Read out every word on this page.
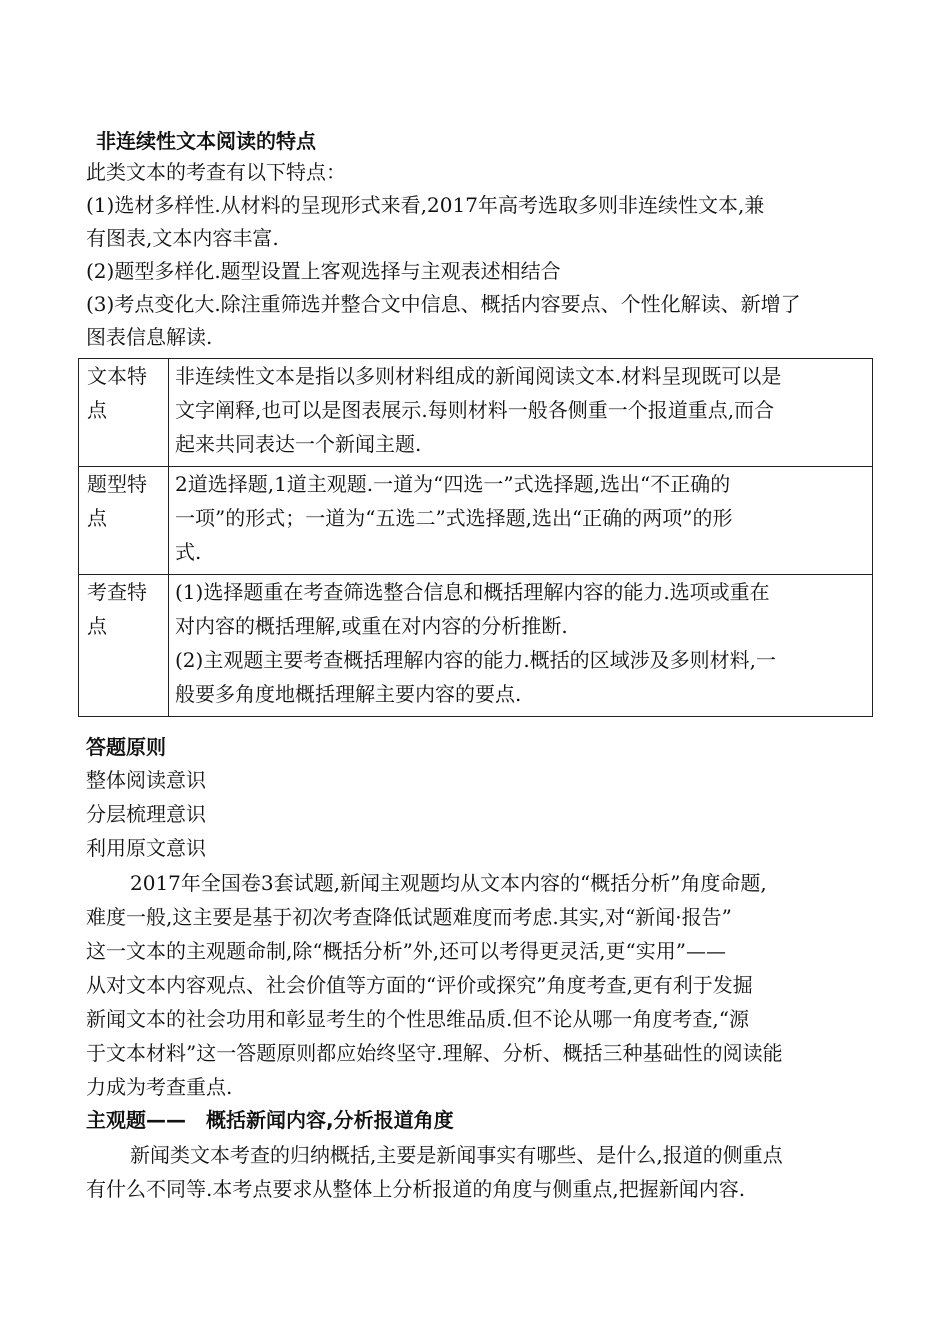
非连续性文本阅读的特点
此类文本的考查有以下特点：
(1)选材多样性.从材料的呈现形式来看,2017年高考选取多则非连续性文本,兼
有图表,文本内容丰富.
(2)题型多样化.题型设置上客观选择与主观表述相结合
(3)考点变化大.除注重筛选并整合文中信息、概括内容要点、个性化解读、新增了
图表信息解读.
文本特
点	非连续性文本是指以多则材料组成的新闻阅读文本.材料呈现既可以是
文字阐释,也可以是图表展示.每则材料一般各侧重一个报道重点,而合
起来共同表达一个新闻主题.

题型特
点	2道选择题,1道主观题.一道为“四选一”式选择题,选出“不正确的
一项”的形式；一道为“五选二”式选择题,选出“正确的两项”的形
式.

考查特
点	(1)选择题重在考查筛选整合信息和概括理解内容的能力.选项或重在
对内容的概括理解,或重在对内容的分析推断.
(2)主观题主要考查概括理解内容的能力.概括的区域涉及多则材料,一
般要多角度地概括理解主要内容的要点.
答题原则
整体阅读意识
分层梳理意识
利用原文意识
2017年全国卷3套试题,新闻主观题均从文本内容的“概括分析”角度命题,
难度一般,这主要是基于初次考查降低试题难度而考虑.其实,对“新闻·报告”
这一文本的主观题命制,除“概括分析”外,还可以考得更灵活,更“实用”——
从对文本内容观点、社会价值等方面的“评价或探究”角度考查,更有利于发掘
新闻文本的社会功用和彰显考生的个性思维品质.但不论从哪一角度考查,“源
于文本材料”这一答题原则都应始终坚守.理解、分析、概括三种基础性的阅读能
力成为考查重点.
主观题——　概括新闻内容,分析报道角度
新闻类文本考查的归纳概括,主要是新闻事实有哪些、是什么,报道的侧重点
有什么不同等.本考点要求从整体上分析报道的角度与侧重点,把握新闻内容.
